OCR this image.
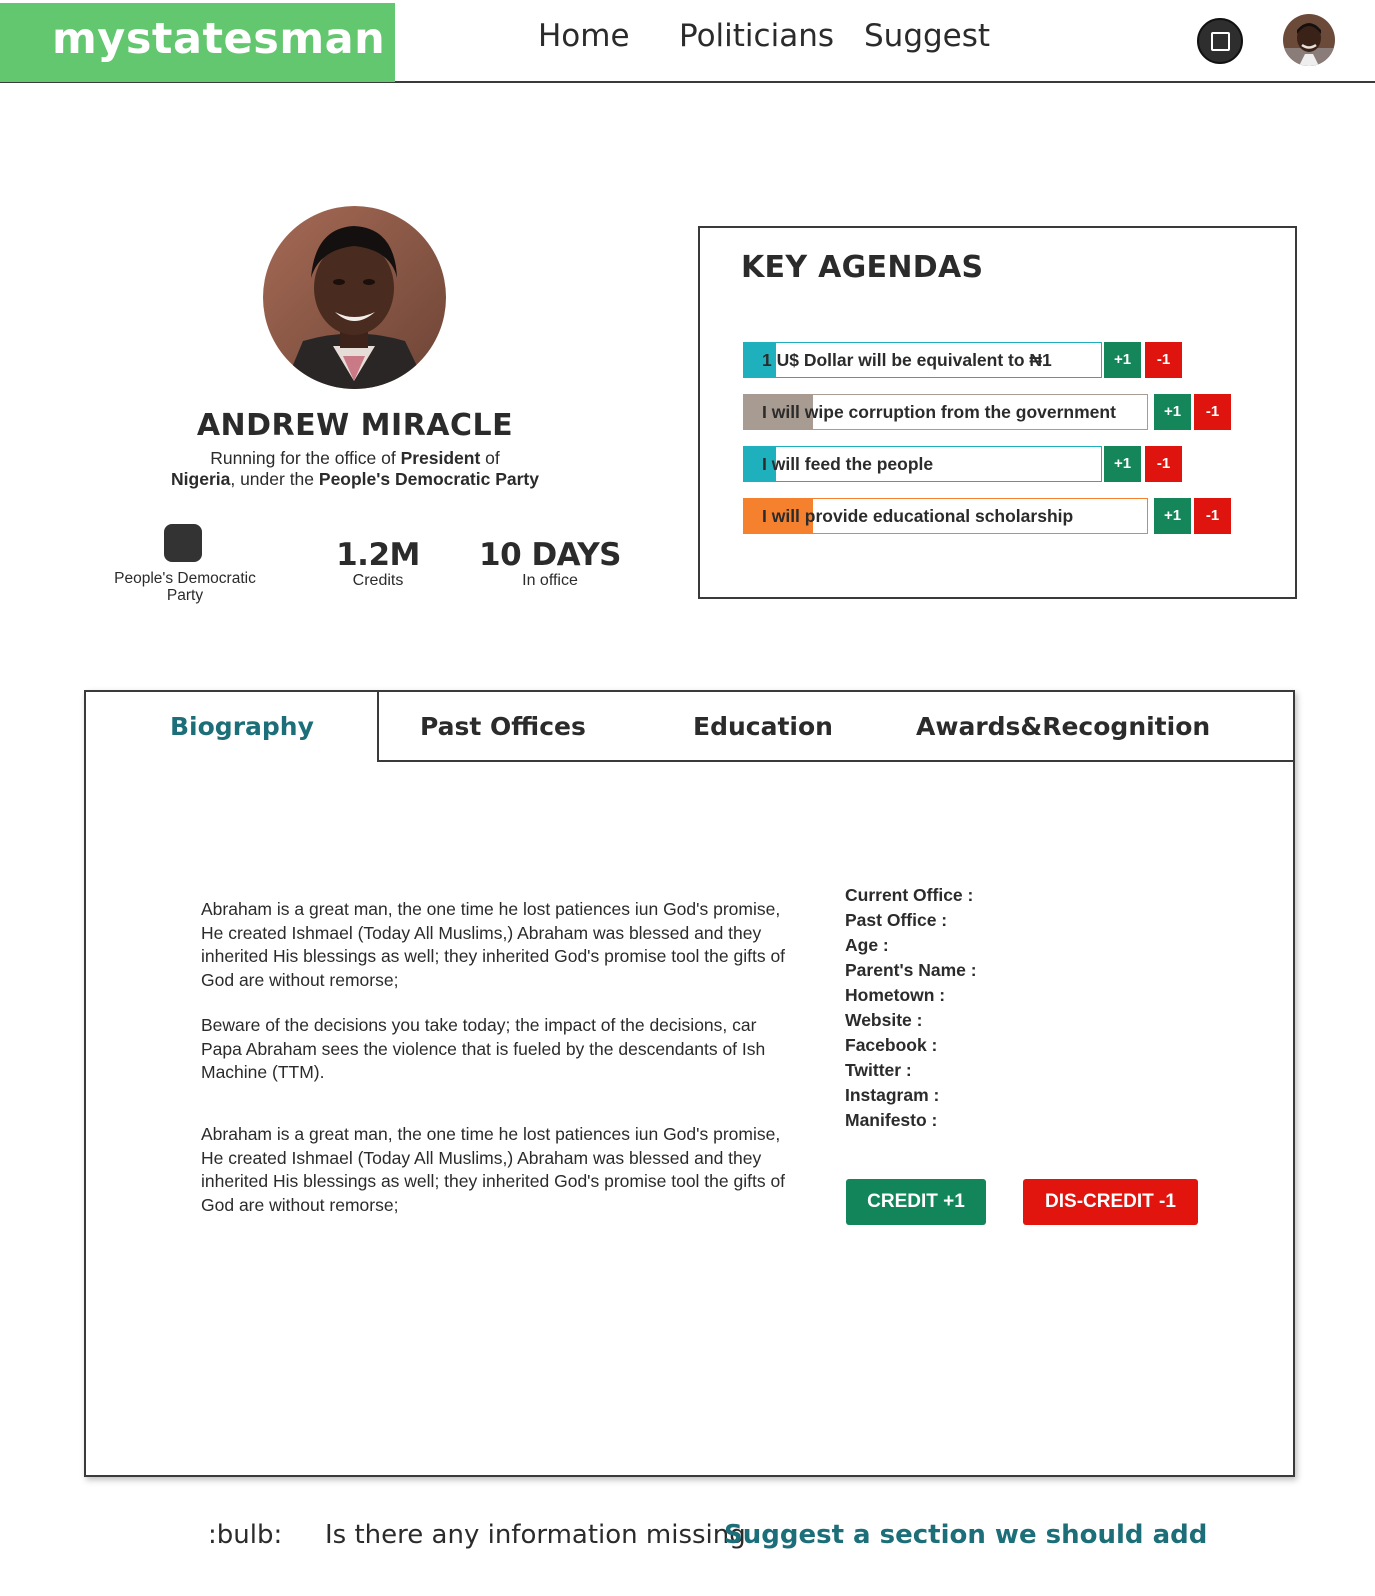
mystatesman	Home Politicians Suggest
ANDREW MIRACLE
Running for the office of President of
Nigeria, under the People's Democratic Party
People's Democratic Party
1.2M
Credits
10 DAYS
In office
KEY AGENDAS
1 U$ Dollar will be equivalent to ₦1	+1	-1
I will wipe corruption from the government	+1	-1
I will feed the people	+1	-1
I will provide educational scholarship	+1	-1
Biography	Past Offices	Education	Awards&Recognition

Abraham is a great man, the one time he lost patiences iun God's promise, He created Ishmael (Today All Muslims,) Abraham was blessed and they inherited His blessings as well; they inherited God's promise tool the gifts of God are without remorse;

Beware of the decisions you take today; the impact of the decisions, car
Papa Abraham sees the violence that is fueled by the descendants of Ish
Machine (TTM).

Abraham is a great man, the one time he lost patiences iun God's promise, He created Ishmael (Today All Muslims,) Abraham was blessed and they inherited His blessings as well; they inherited God's promise tool the gifts of God are without remorse;

Current Office :
Past Office :
Age :
Parent's Name :
Hometown :
Website :
Facebook :
Twitter :
Instagram :
Manifesto :
CREDIT +1	DIS-CREDIT -1
:bulb: Is there any information missing
Suggest a section we should add
